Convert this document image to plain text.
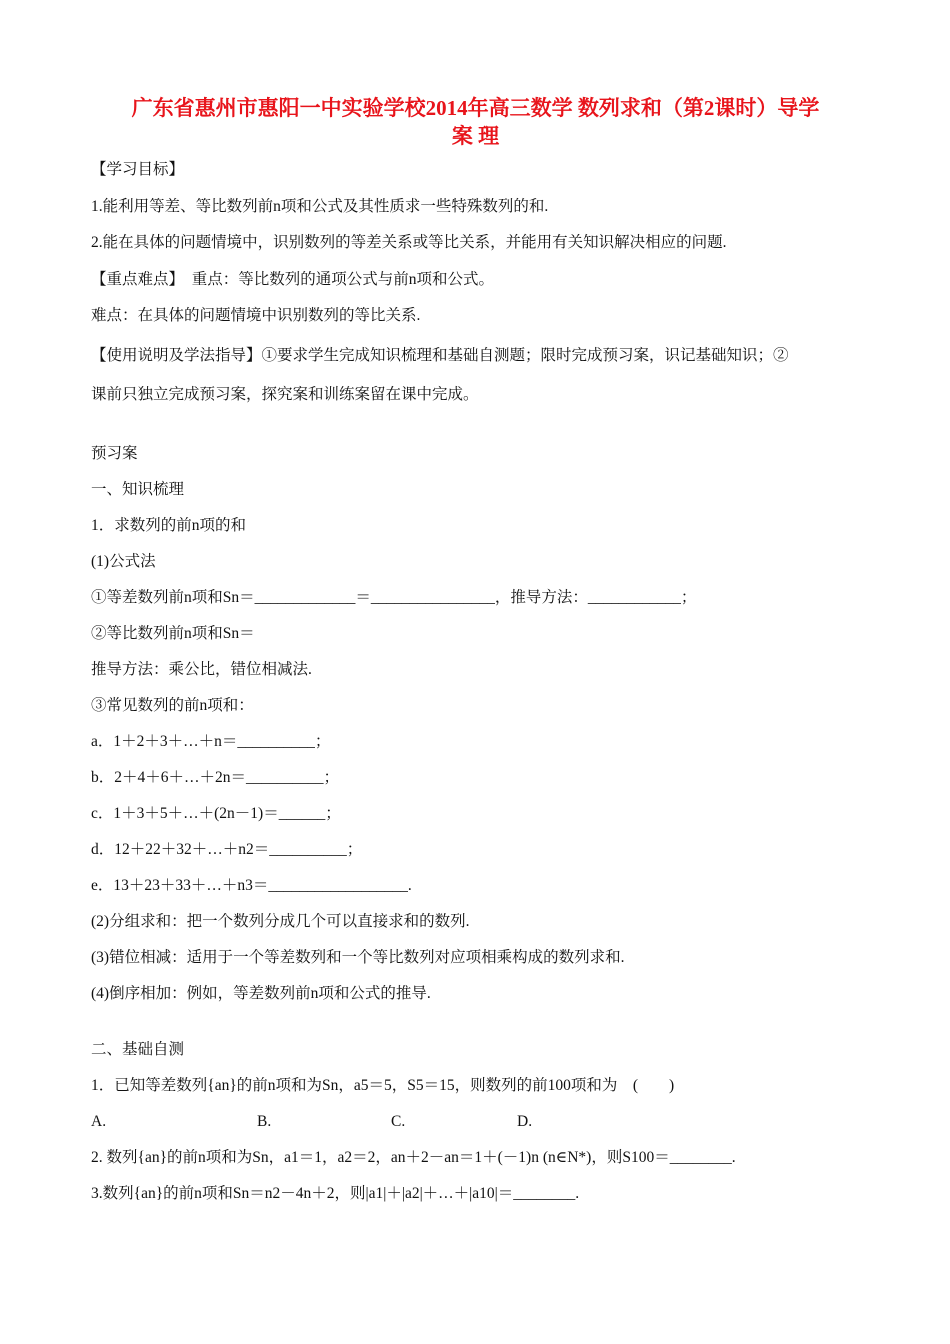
广东省惠州市惠阳一中实验学校2014年高三数学 数列求和（第2课时）导学
案 理
【学习目标】
1.能利用等差、等比数列前n项和公式及其性质求一些特殊数列的和.
2.能在具体的问题情境中，识别数列的等差关系或等比关系，并能用有关知识解决相应的问题.
【重点难点】　重点：等比数列的通项公式与前n项和公式。
难点：在具体的问题情境中识别数列的等比关系.
【使用说明及学法指导】①要求学生完成知识梳理和基础自测题；限时完成预习案，识记基础知识；②
课前只独立完成预习案，探究案和训练案留在课中完成。
预习案
一、知识梳理
1．求数列的前n项的和
(1)公式法
①等差数列前n项和Sn＝_____________＝________________，推导方法：____________；
②等比数列前n项和Sn＝
推导方法：乘公比，错位相减法.
③常见数列的前n项和：
a．1＋2＋3＋…＋n＝__________；
b．2＋4＋6＋…＋2n＝__________；
c．1＋3＋5＋…＋(2n－1)＝______；
d．12＋22＋32＋…＋n2＝__________；
e．13＋23＋33＋…＋n3＝__________________.
(2)分组求和：把一个数列分成几个可以直接求和的数列.
(3)错位相减：适用于一个等差数列和一个等比数列对应项相乘构成的数列求和.
(4)倒序相加：例如，等差数列前n项和公式的推导.
二、基础自测
1．已知等差数列{an}的前n项和为Sn，a5＝5，S5＝15，则数列的前100项和为　(　　)
A.	B.	C.	D.
2. 数列{an}的前n项和为Sn，a1＝1，a2＝2，an＋2－an＝1＋(－1)n (n∈N*)，则S100＝________.
3.数列{an}的前n项和Sn＝n2－4n＋2，则|a1|＋|a2|＋…＋|a10|＝________.
